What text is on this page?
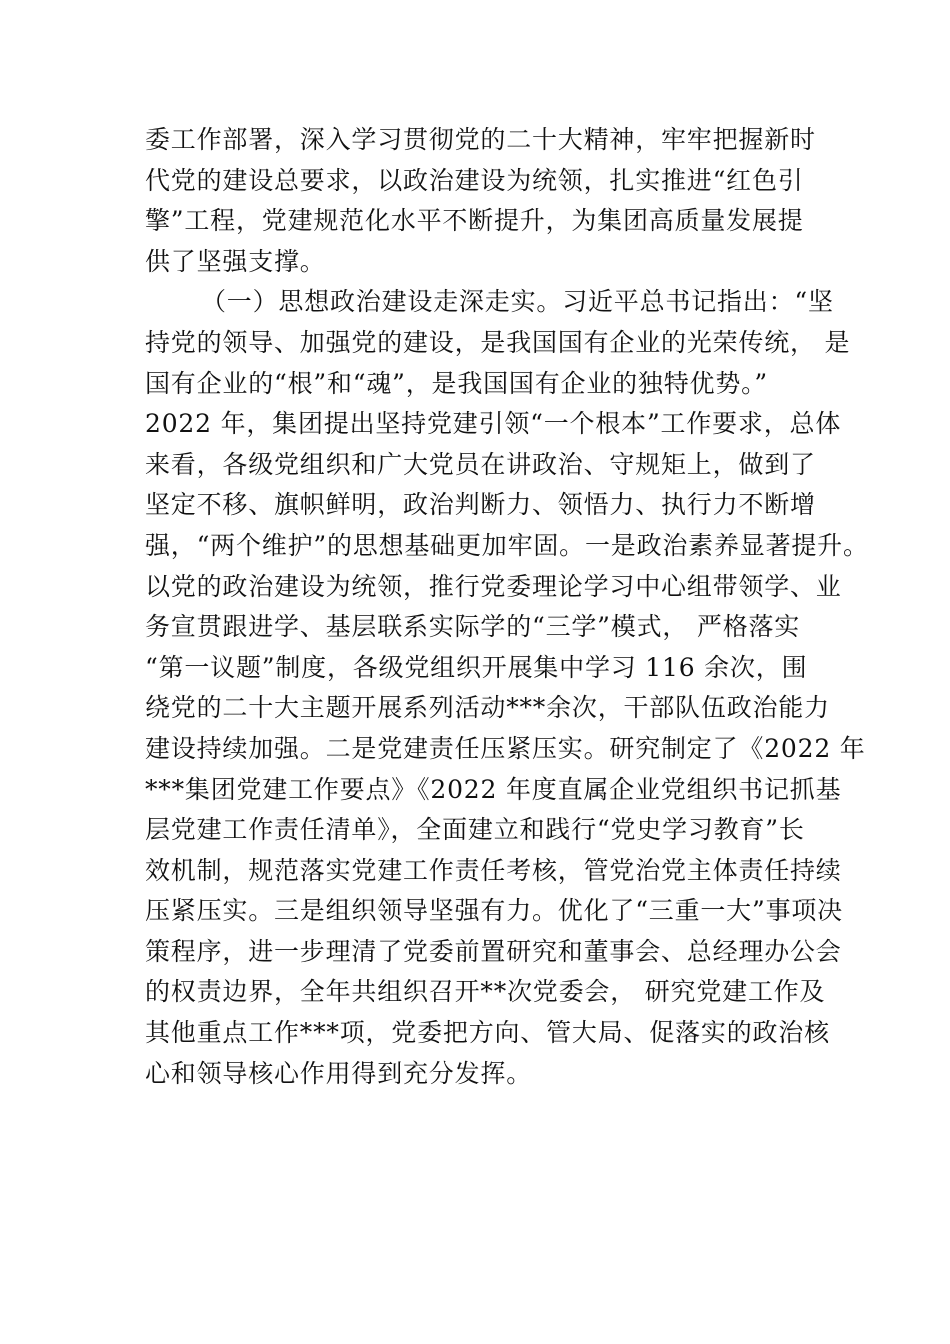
委工作部署，深入学习贯彻党的二十大精神，牢牢把握新时
代党的建设总要求，以政治建设为统领，扎实推进“红色引
擎”工程，党建规范化水平不断提升，为集团高质量发展提
供了坚强支撑。
（一）思想政治建设走深走实。习近平总书记指出：“坚
持党的领导、加强党的建设，是我国国有企业的光荣传统， 是
国有企业的“根”和“魂”，是我国国有企业的独特优势。”
2022 年，集团提出坚持党建引领“一个根本”工作要求，总体
来看，各级党组织和广大党员在讲政治、守规矩上，做到了
坚定不移、旗帜鲜明，政治判断力、领悟力、执行力不断增
强，“两个维护”的思想基础更加牢固。一是政治素养显著提升。
以党的政治建设为统领，推行党委理论学习中心组带领学、业
务宣贯跟进学、基层联系实际学的“三学”模式， 严格落实
“第一议题”制度，各级党组织开展集中学习 116 余次，围
绕党的二十大主题开展系列活动***余次，干部队伍政治能力
建设持续加强。二是党建责任压紧压实。研究制定了《2022 年
***集团党建工作要点》《2022 年度直属企业党组织书记抓基
层党建工作责任清单》，全面建立和践行“党史学习教育”长
效机制，规范落实党建工作责任考核，管党治党主体责任持续
压紧压实。三是组织领导坚强有力。优化了“三重一大”事项决
策程序，进一步理清了党委前置研究和董事会、总经理办公会
的权责边界，全年共组织召开**次党委会， 研究党建工作及
其他重点工作***项，党委把方向、管大局、促落实的政治核
心和领导核心作用得到充分发挥。
